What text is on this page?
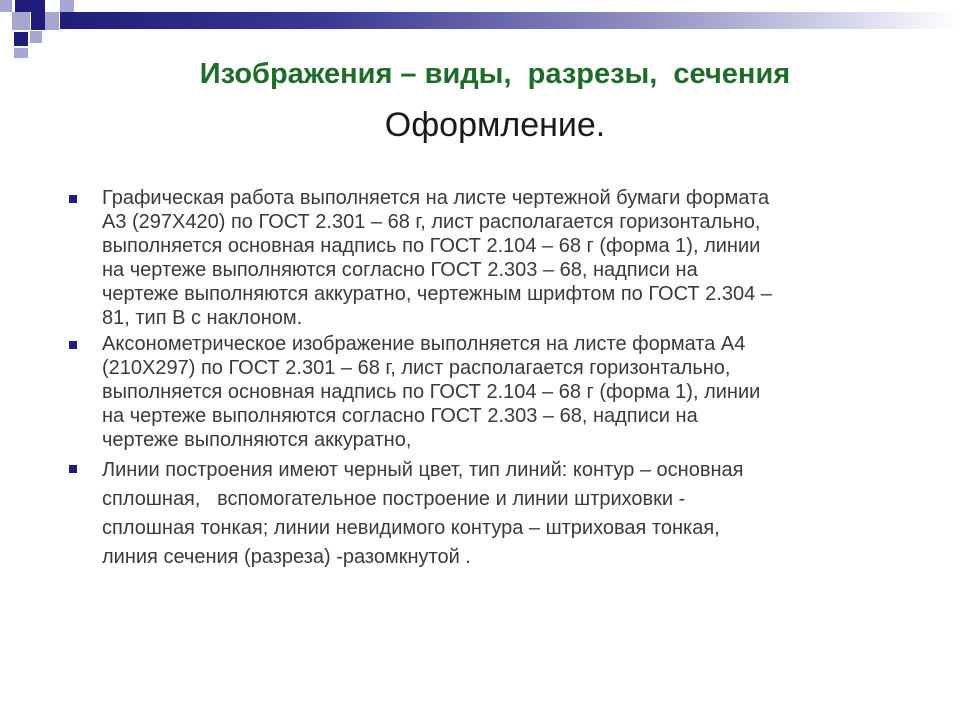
Изображения – виды,  разрезы,  сечения
Оформление.

Графическая работа выполняется на листе чертежной бумаги формата
А3 (297Х420) по ГОСТ 2.301 – 68 г, лист располагается горизонтально,
выполняется основная надпись по ГОСТ 2.104 – 68 г (форма 1), линии
на чертеже выполняются согласно ГОСТ 2.303 – 68, надписи на
чертеже выполняются аккуратно, чертежным шрифтом по ГОСТ 2.304 –
81, тип В с наклоном.

Аксонометрическое изображение выполняется на листе формата А4
(210Х297) по ГОСТ 2.301 – 68 г, лист располагается горизонтально,
выполняется основная надпись по ГОСТ 2.104 – 68 г (форма 1), линии
на чертеже выполняются согласно ГОСТ 2.303 – 68, надписи на
чертеже выполняются аккуратно,

Линии построения имеют черный цвет, тип линий: контур – основная
сплошная,   вспомогательное построение и линии штриховки -
сплошная тонкая; линии невидимого контура – штриховая тонкая,
линия сечения (разреза) -разомкнутой .
